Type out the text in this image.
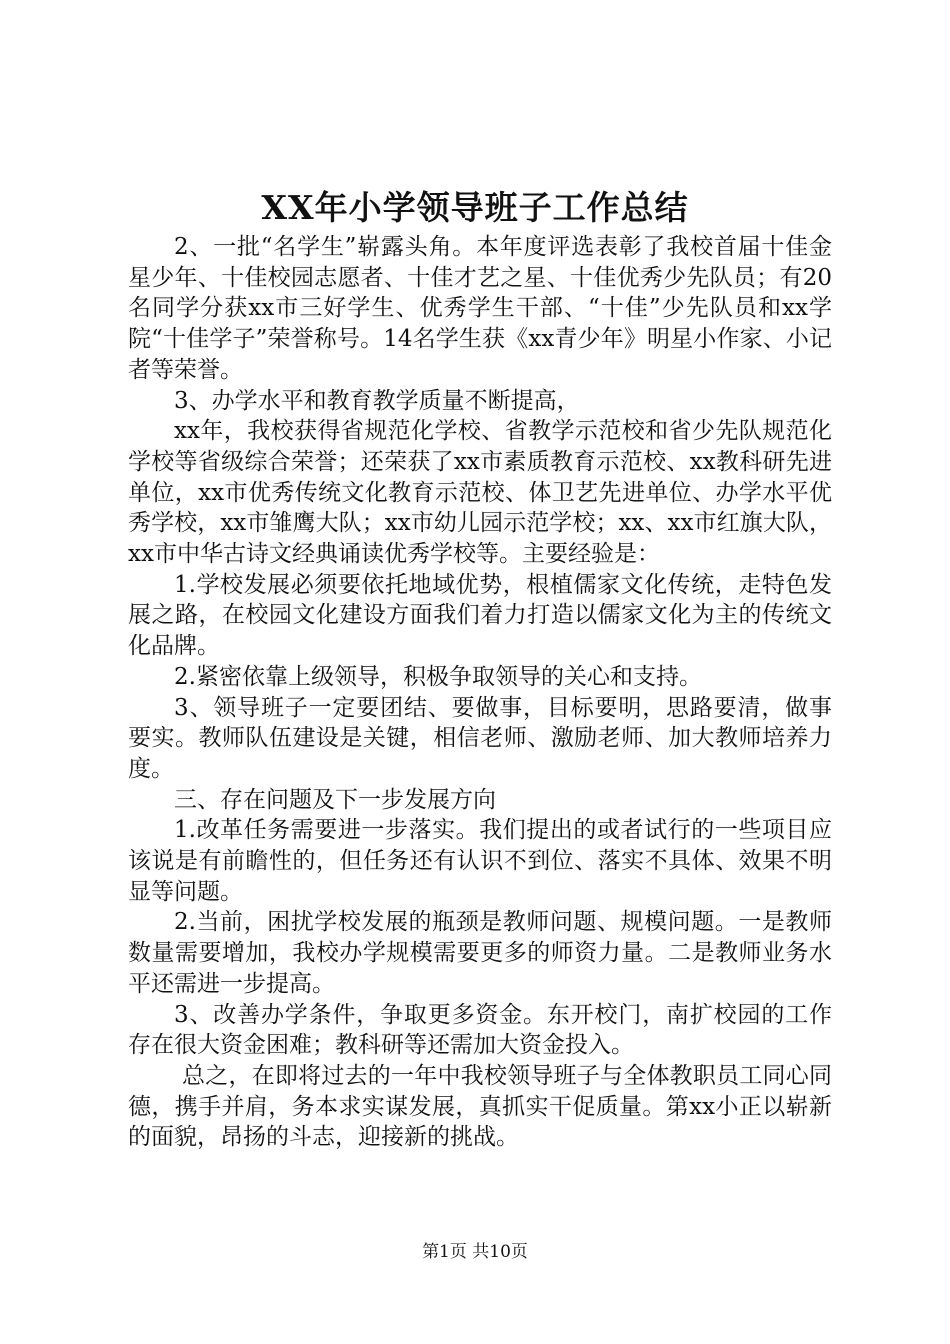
XX年小学领导班子工作总结

2、一批“名学生”崭露头角。本年度评选表彰了我校首届十佳金星少年、十佳校园志愿者、十佳才艺之星、十佳优秀少先队员；有20名同学分获xx市三好学生、优秀学生干部、“十佳”少先队员和xx学院“十佳学子”荣誉称号。14名学生获《xx青少年》明星小作家、小记者等荣誉。

3、办学水平和教育教学质量不断提高，

xx年，我校获得省规范化学校、省教学示范校和省少先队规范化学校等省级综合荣誉；还荣获了xx市素质教育示范校、xx教科研先进单位，xx市优秀传统文化教育示范校、体卫艺先进单位、办学水平优秀学校，xx市雏鹰大队；xx市幼儿园示范学校；xx、xx市红旗大队，xx市中华古诗文经典诵读优秀学校等。主要经验是：

1.学校发展必须要依托地域优势，根植儒家文化传统，走特色发展之路，在校园文化建设方面我们着力打造以儒家文化为主的传统文化品牌。

2.紧密依靠上级领导，积极争取领导的关心和支持。

3、领导班子一定要团结、要做事，目标要明，思路要清，做事要实。教师队伍建设是关键，相信老师、激励老师、加大教师培养力度。

三、存在问题及下一步发展方向

1.改革任务需要进一步落实。我们提出的或者试行的一些项目应该说是有前瞻性的，但任务还有认识不到位、落实不具体、效果不明显等问题。

2.当前，困扰学校发展的瓶颈是教师问题、规模问题。一是教师数量需要增加，我校办学规模需要更多的师资力量。二是教师业务水平还需进一步提高。

3、改善办学条件，争取更多资金。东开校门，南扩校园的工作存在很大资金困难；教科研等还需加大资金投入。

总之，在即将过去的一年中我校领导班子与全体教职员工同心同德，携手并肩，务本求实谋发展，真抓实干促质量。第xx小正以崭新的面貌，昂扬的斗志，迎接新的挑战。

第1页 共10页
